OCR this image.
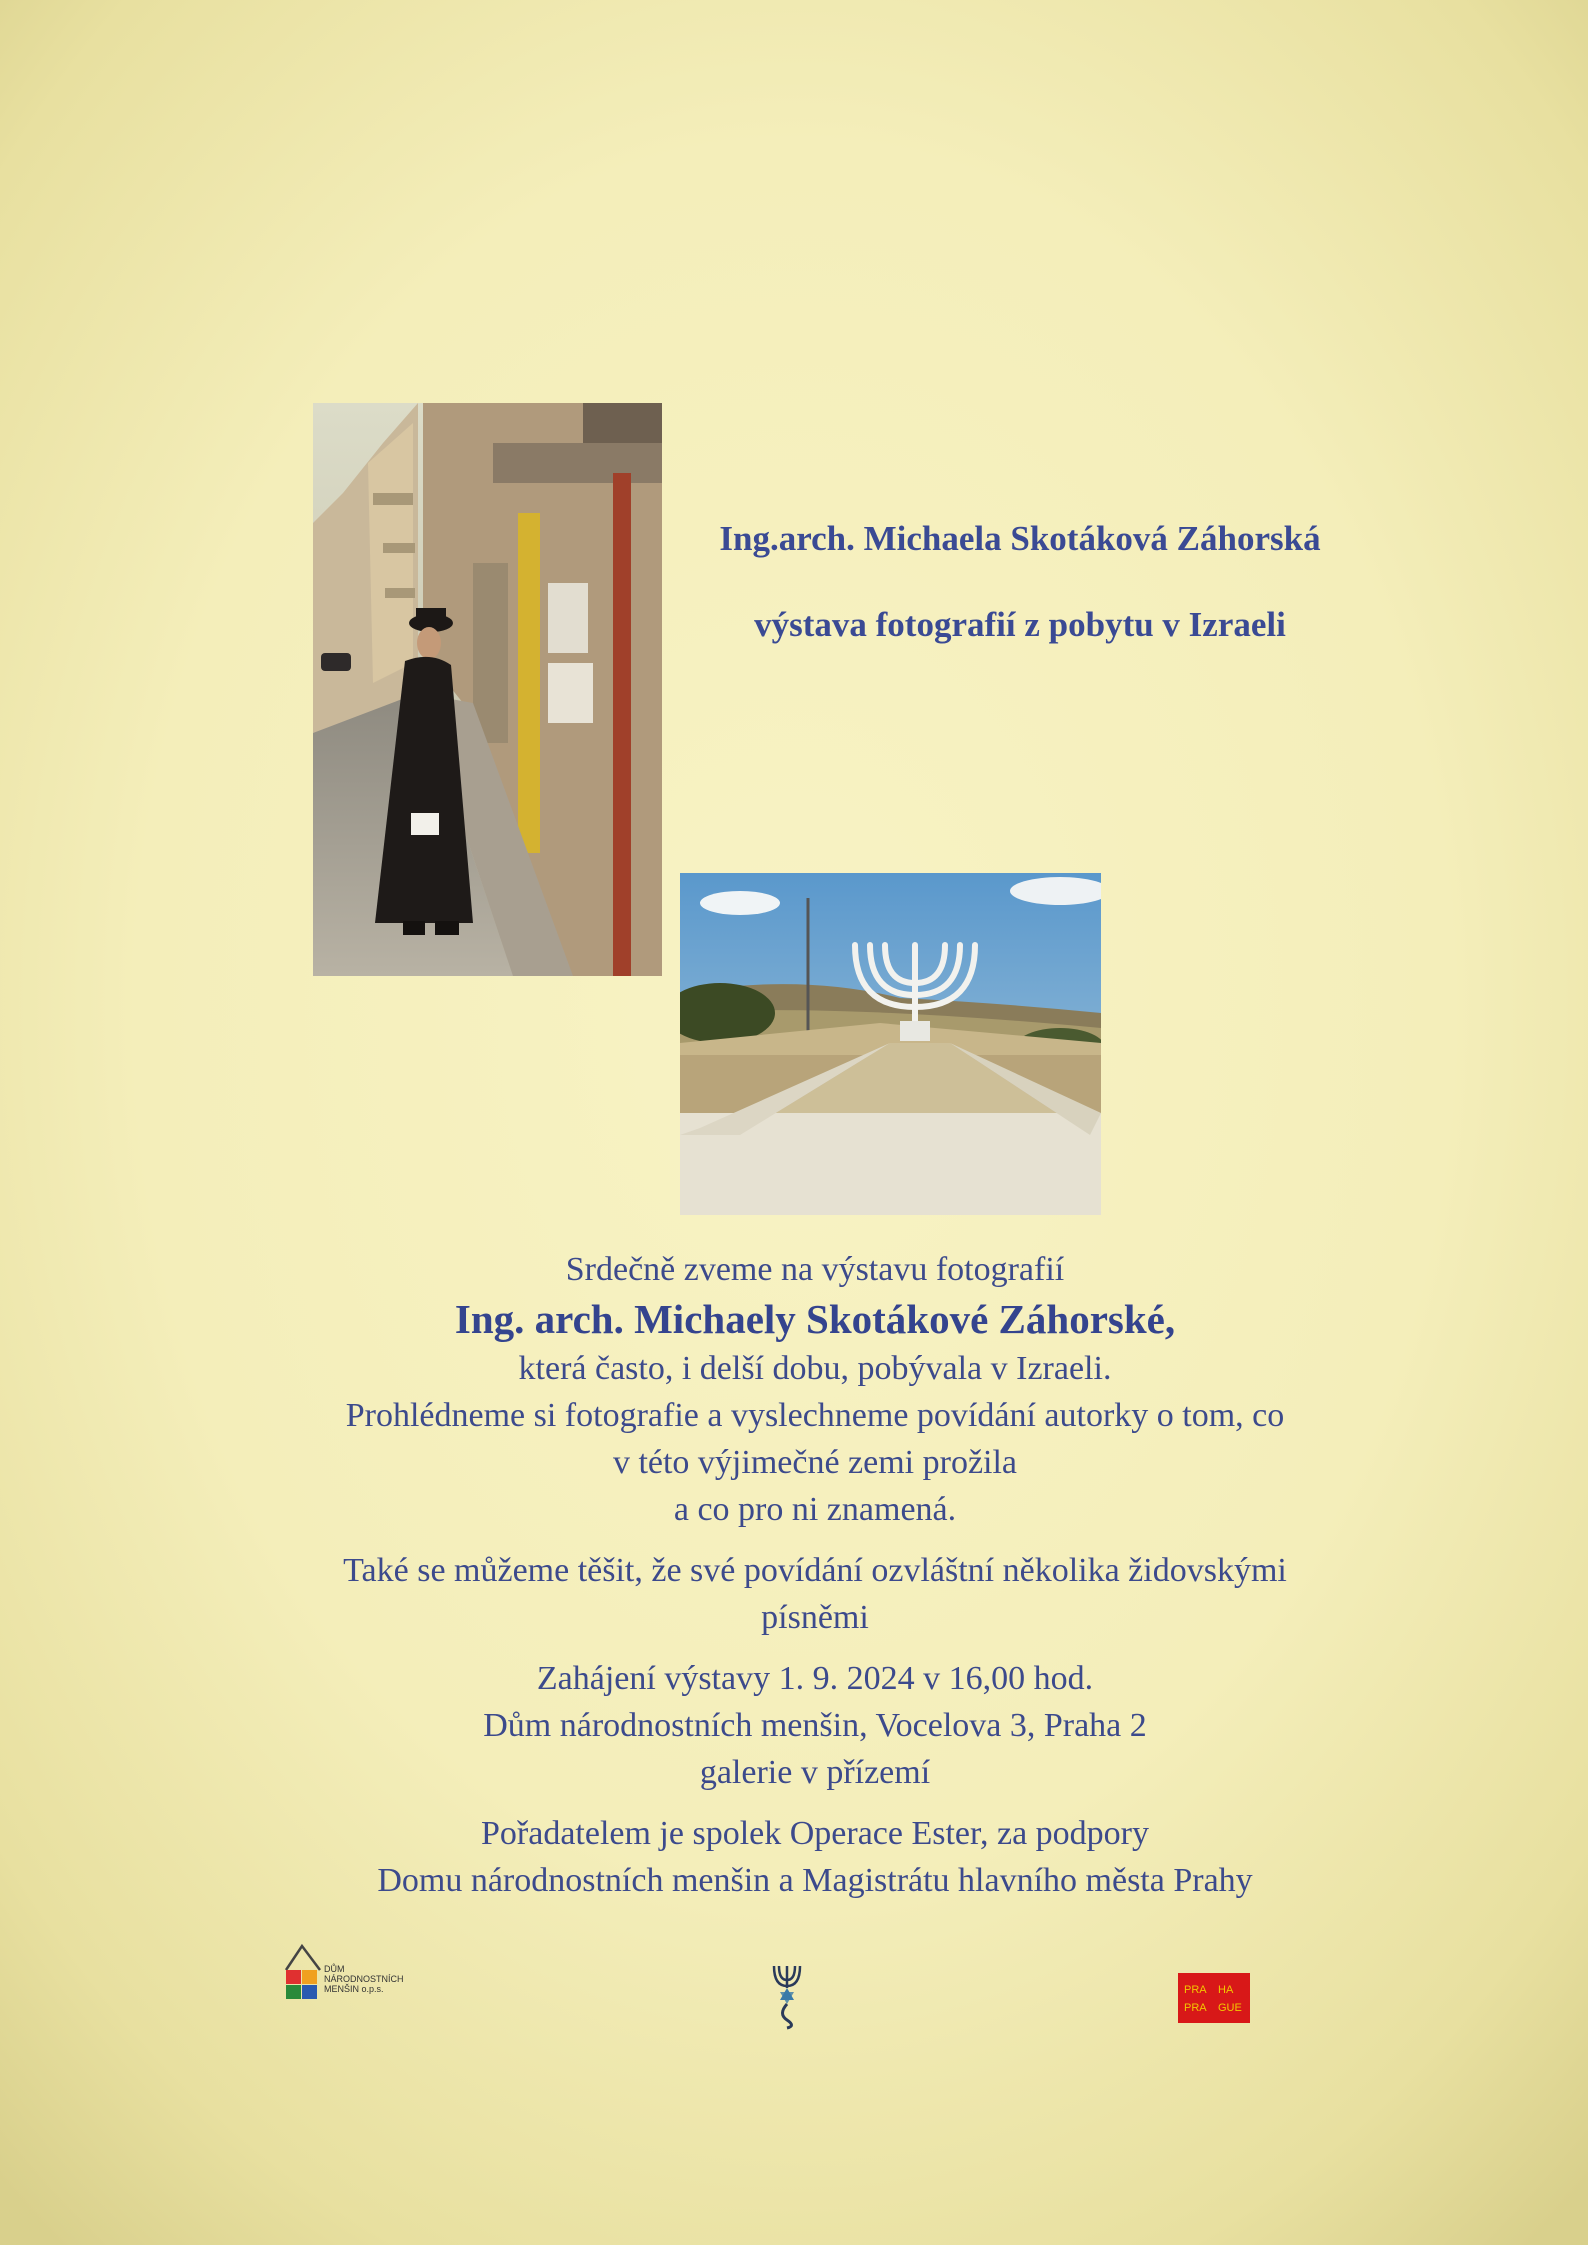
Ing.arch. Michaela Skotáková Záhorská
výstava fotografií z pobytu v Izraeli
Srdečně zveme na výstavu fotografií
Ing. arch. Michaely Skotákové Záhorské,
která často, i delší dobu, pobývala v Izraeli.
Prohlédneme si fotografie a vyslechneme povídání autorky o tom, co
v této výjimečné zemi prožila
a co pro ni znamená.
Také se můžeme těšit, že své povídání ozvláštní několika židovskými
písněmi
Zahájení výstavy 1. 9. 2024 v 16,00 hod.
Dům národnostních menšin, Vocelova 3, Praha 2
galerie v přízemí
Pořadatelem je spolek Operace Ester, za podpory
Domu národnostních menšin a Magistrátu hlavního města Prahy
DŮM
NÁRODNOSTNÍCH
MENŠIN o.p.s.	PRA HA
PRA GUE
